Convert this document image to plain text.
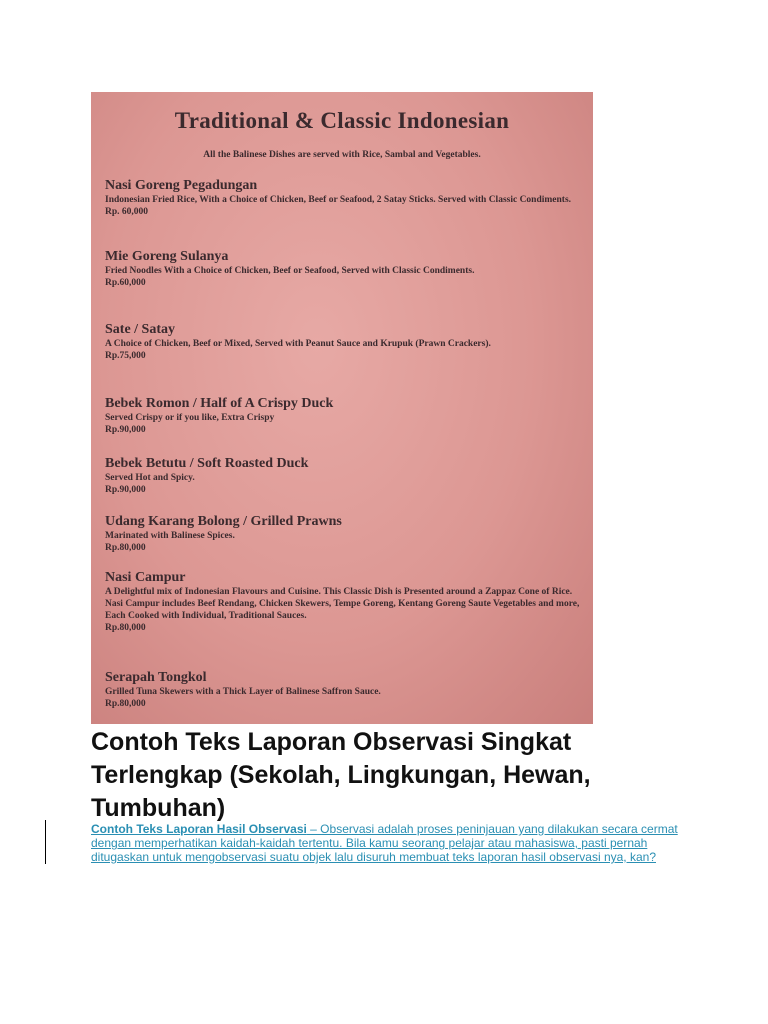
Traditional & Classic Indonesian
All the Balinese Dishes are served with Rice, Sambal and Vegetables.
Nasi Goreng Pegadungan
Indonesian Fried Rice, With a Choice of Chicken, Beef or Seafood, 2 Satay Sticks. Served with Classic Condiments.
Rp. 60,000
Mie Goreng Sulanya
Fried Noodles With a Choice of Chicken, Beef or Seafood, Served with Classic Condiments.
Rp.60,000
Sate / Satay
A Choice of Chicken, Beef or Mixed, Served with Peanut Sauce and Krupuk (Prawn Crackers).
Rp.75,000
Bebek Romon / Half of A Crispy Duck
Served Crispy or if you like, Extra Crispy
Rp.90,000
Bebek Betutu / Soft Roasted Duck
Served Hot and Spicy.
Rp.90,000
Udang Karang Bolong / Grilled Prawns
Marinated with Balinese Spices.
Rp.80,000
Nasi Campur
A Delightful mix of Indonesian Flavours and Cuisine. This Classic Dish is Presented around a Zappaz Cone of Rice. Nasi Campur includes Beef Rendang, Chicken Skewers, Tempe Goreng, Kentang Goreng Saute Vegetables and more, Each Cooked with Individual, Traditional Sauces.
Rp.80,000
Serapah Tongkol
Grilled Tuna Skewers with a Thick Layer of Balinese Saffron Sauce.
Rp.80,000
Contoh Teks Laporan Observasi Singkat Terlengkap (Sekolah, Lingkungan, Hewan, Tumbuhan)
Contoh Teks Laporan Hasil Observasi – Observasi adalah proses peninjauan yang dilakukan secara cermat dengan memperhatikan kaidah-kaidah tertentu. Bila kamu seorang pelajar atau mahasiswa, pasti pernah ditugaskan untuk mengobservasi suatu objek lalu disuruh membuat teks laporan hasil observasi nya, kan?
